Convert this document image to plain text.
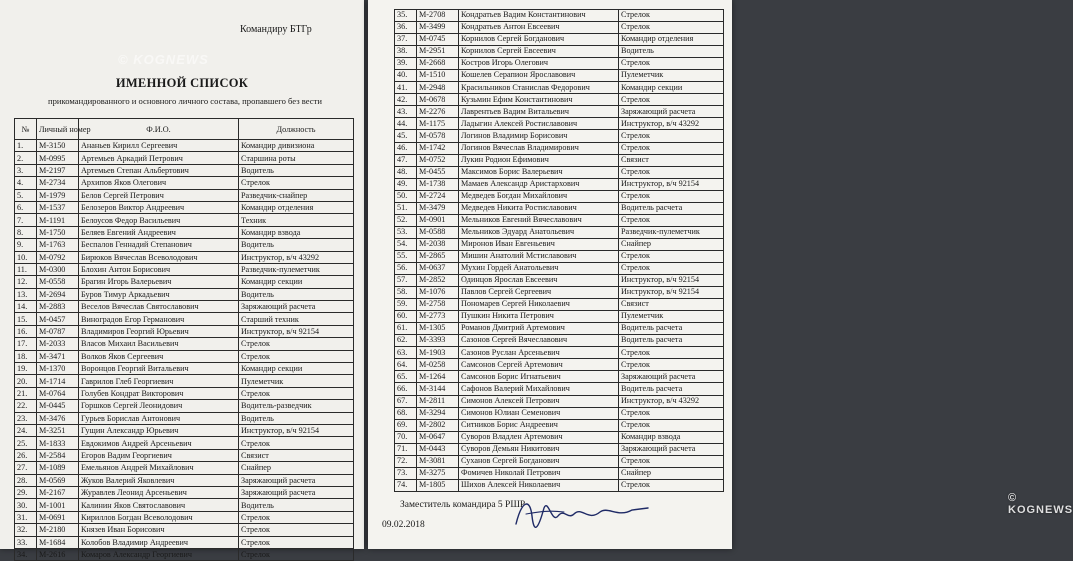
Командиру БТГр
© KOGNEWS
ИМЕННОЙ СПИСОК
прикомандированного и основного личного состава, пропавшего без вести
№	Личный номер	Ф.И.О.	Должность
1.	М-3150	Ананьев Кирилл Сергеевич	Командир дивизиона
2.	М-0995	Артемьев Аркадий Петрович	Старшина роты
3.	М-2197	Артемьев Степан Альбертович	Водитель
4.	М-2734	Архипов Яков Олегович	Стрелок
5.	М-1979	Белов Сергей Петрович	Разведчик-снайпер
6.	М-1537	Белозеров Виктор Андреевич	Командир отделения
7.	М-1191	Белоусов Федор Васильевич	Техник
8.	М-1750	Беляев Евгений Андреевич	Командир взвода
9.	М-1763	Беспалов Геннадий Степанович	Водитель
10.	М-0792	Бирюков Вячеслав Всеволодович	Инструктор, в/ч 43292
11.	М-0300	Блохин Антон Борисович	Разведчик-пулеметчик
12.	М-0558	Брагин Игорь Валерьевич	Командир секции
13.	М-2694	Буров Тимур Аркадьевич	Водитель
14.	М-2883	Веселов Вячеслав Святославович	Заряжающий расчета
15.	М-0457	Виноградов Егор Германович	Старший техник
16.	М-0787	Владимиров Георгий Юрьевич	Инструктор, в/ч 92154
17.	М-2033	Власов Михаил Васильевич	Стрелок
18.	М-3471	Волков Яков Сергеевич	Стрелок
19.	М-1370	Воронцов Георгий Витальевич	Командир секции
20.	М-1714	Гаврилов Глеб Георгиевич	Пулеметчик
21.	М-0764	Голубев Кондрат Викторович	Стрелок
22.	М-0445	Горшков Сергей Леонидович	Водитель-разведчик
23.	М-3476	Гурьев Борислав Антонович	Водитель
24.	М-3251	Гущин Александр Юрьевич	Инструктор, в/ч 92154
25.	М-1833	Евдокимов Андрей Арсеньевич	Стрелок
26.	М-2584	Егоров Вадим Георгиевич	Связист
27.	М-1089	Емельянов Андрей Михайлович	Снайпер
28.	М-0569	Жуков Валерий Яковлевич	Заряжающий расчета
29.	М-2167	Журавлев Леонид Арсеньевич	Заряжающий расчета
30.	М-1001	Калинин Яков Святославович	Водитель
31.	М-0691	Кириллов Богдан Всеволодович	Стрелок
32.	М-2180	Князев Иван Борисович	Стрелок
33.	М-1684	Колобов Владимир Андреевич	Стрелок
34.	М-2616	Комаров Александр Георгиевич	Стрелок
35.	М-2708	Кондратьев Вадим Константинович	Стрелок
36.	М-3499	Кондратьев Антон Евсеевич	Стрелок
37.	М-0745	Корнилов Сергей Богданович	Командир отделения
38.	М-2951	Корнилов Сергей Евсеевич	Водитель
39.	М-2668	Костров Игорь Олегович	Стрелок
40.	М-1510	Кошелев Серапион Ярославович	Пулеметчик
41.	М-2948	Красильников Станислав Федорович	Командир секции
42.	М-0678	Кузьмин Ефим Константинович	Стрелок
43.	М-2276	Лаврентьев Вадим Витальевич	Заряжающий расчета
44.	М-1175	Ладыгин Алексей Ростиславович	Инструктор, в/ч 43292
45.	М-0578	Логинов Владимир Борисович	Стрелок
46.	М-1742	Логинов Вячеслав Владимирович	Стрелок
47.	М-0752	Лукин Родион Ефимович	Связист
48.	М-0455	Максимов Борис Валерьевич	Стрелок
49.	М-1738	Мамаев Александр Аристархович	Инструктор, в/ч 92154
50.	М-2724	Медведев Богдан Михайлович	Стрелок
51.	М-3479	Медведев Никита Ростиславович	Водитель расчета
52.	М-0901	Мельников Евгений Вячеславович	Стрелок
53.	М-0588	Мельников Эдуард Анатольевич	Разведчик-пулеметчик
54.	М-2038	Миронов Иван Евгеньевич	Снайпер
55.	М-2865	Мишин Анатолий Мстиславович	Стрелок
56.	М-0637	Мухин Гордей Анатольевич	Стрелок
57.	М-2852	Одинцов Ярослав Евсеевич	Инструктор, в/ч 92154
58.	М-1076	Павлов Сергей Сергеевич	Инструктор, в/ч 92154
59.	М-2758	Пономарев Сергей Николаевич	Связист
60.	М-2773	Пушкин Никита Петрович	Пулеметчик
61.	М-1305	Романов Дмитрий Артемович	Водитель расчета
62.	М-3393	Сазонов Сергей Вячеславович	Водитель расчета
63.	М-1903	Сазонов Руслан Арсеньевич	Стрелок
64.	М-0258	Самсонов Сергей Артемович	Стрелок
65.	М-1264	Самсонов Борис Игнатьевич	Заряжающий расчета
66.	М-3144	Сафонов Валерий Михайлович	Водитель расчета
67.	М-2811	Симонов Алексей Петрович	Инструктор, в/ч 43292
68.	М-3294	Симонов Юлиан Семенович	Стрелок
69.	М-2802	Ситников Борис Андреевич	Стрелок
70.	М-0647	Суворов Владлен Артемович	Командир взвода
71.	М-0443	Суворов Демьян Никитович	Заряжающий расчета
72.	М-3081	Суханов Сергей Богданович	Стрелок
73.	М-3275	Фомичев Николай Петрович	Снайпер
74.	М-1805	Шихов Алексей Николаевич	Стрелок
Заместитель командира 5 РШР
09.02.2018
© KOGNEWS
